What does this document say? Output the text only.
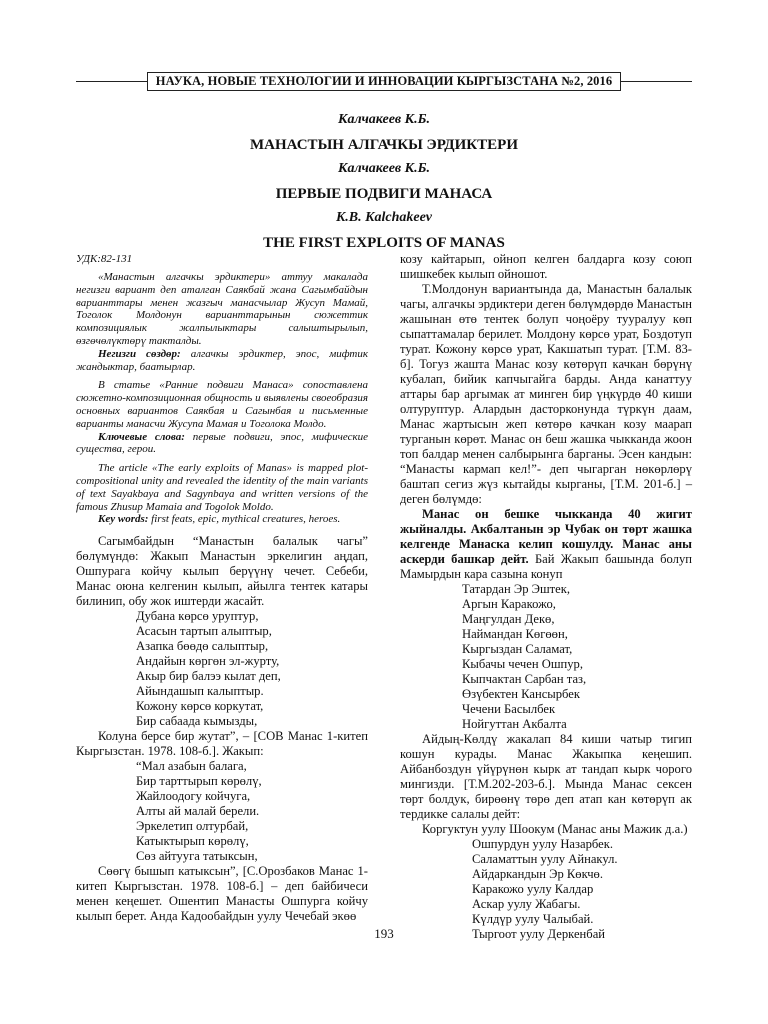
НАУКА, НОВЫЕ ТЕХНОЛОГИИ И ИННОВАЦИИ КЫРГЫЗСТАНА №2, 2016
Калчакеев К.Б.
МАНАСТЫН АЛГАЧКЫ ЭРДИКТЕРИ
Калчакеев К.Б.
ПЕРВЫЕ ПОДВИГИ МАНАСА
K.B. Kalchakeev
THE FIRST EXPLOITS OF MANAS

УДК:82-131

«Манастын алгачкы эрдиктери» аттуу макалада негизги вариант деп аталган Саякбай жана Сагымбайдын варианттары менен жазгыч манасчылар Жусуп Мамай, Тоголок Молдонун варианттарынын сюжеттик композициялык жалпылыктары салыштырылып, өзгөчөлүктөрү такталды.

Негизги сөздөр: алгачкы эрдиктер, эпос, мифтик жандыктар, баатырлар.

В статье «Ранние подвиги Манаса» сопоставлена сюжетно-композиционная общность и выявлены своеобразия основных вариантов Саякбая и Сагынбая и письменные варианты манасчи Жусупа Мамая и Тоголока Молдо.

Ключевые слова: первые подвиги, эпос, мифические существа, герои.

The article «The early exploits of Manas» is mapped plot-compositional unity and revealed the identity of the main variants of text Sayakbaya and Sagynbaya and written versions of the famous Zhusup Mamaia and Togolok Moldo.

Key words: first feats, epic, mythical creatures, heroes.

Сагымбайдын “Манастын балалык чагы” бөлүмүндө: Жакып Манастын эркелигин аңдап, Ошпурага койчу кылып берүүнү чечет. Себеби, Манас оюна келгенин кылып, айылга тентек катары билинип, обу жок иштерди жасайт.

Дубана көрсө уруптур,
Асасын тартып алыптыр,
Азапка бөөдө салыптыр,
Андайын көргөн эл-журту,
Акыр бир балээ кылат деп,
Айындашып калыптыр.
Кожону көрсө коркутат,
Бир сабаада кымызды,

Колуна берсе бир жутат”, – [СОВ Манас 1-китеп Кыргызстан. 1978. 108-б.]. Жакып:

“Мал азабын балага,
Бир тарттырып көрөлү,
Жайлоодогу койчуга,
Алты ай малай берели.
Эркелетип олтурбай,
Катыктырып көрөлү,
Сөз айтууга татыксын,

Сөөгү бышып катыксын”, [С.Орозбаков Манас 1-китеп Кыргызстан. 1978. 108-б.] – деп байбичеси менен кеңешет. Ошентип Манасты Ошпурга койчу кылып берет. Анда Кадообайдын уулу Чечебай экөө

козу кайтарып, ойноп келген балдарга козу союп шишкебек кылып ойношот.

Т.Молдонун вариантында да, Манастын балалык чагы, алгачкы эрдиктери деген бөлүмдөрдө Манастын жашынан өтө тентек болуп чоңоёру тууралуу көп сыпаттамалар берилет. Молдону көрсө урат, Боздотуп турат. Кожону көрсө урат, Какшатып турат. [Т.М. 83-б]. Тогуз жашта Манас козу көтөрүп качкан бөрүнү кубалап, бийик капчыгайга барды. Анда канаттуу аттары бар аргымак ат минген бир үңкүрдө 40 киши олтуруптур. Алардын дасторконунда түркүн даам, Манас жартысын жеп көтөрө качкан козу маарап турганын көрөт. Манас он беш жашка чыкканда жоон топ балдар менен салбырынга барганы. Эсен кандын: “Манасты кармап кел!”- деп чыгарган нөкөрлөрү баштап сегиз жүз кытайды кырганы, [Т.М. 201-б.] – деген бөлүмдө:

Манас он бешке чыкканда 40 жигит жыйналды. Акбалтанын эр Чубак он төрт жашка келгенде Манаска келип кошулду. Манас аны аскерди башкар дейт. Бай Жакып башында болуп Мамырдын кара сазына конуп

Татардан Эр Эштек,
Аргын Каракожо,
Маңгулдан Декө,
Наймандан Көгөөн,
Кыргыздан Саламат,
Кыбачы чечен Ошпур,
Кыпчактан Сарбан таз,
Өзүбектен Кансырбек
Чечени Басылбек
Нойгуттан Акбалта

Айдың-Көлдү жакалап 84 киши чатыр тигип кошун курады. Манас Жакыпка кеңешип. Айбанбоздун үйүрүнөн кырк ат тандап кырк чорого мингизди. [Т.М.202-203-б.]. Мында Манас сексен төрт болдук, бирөөнү төрө деп атап кан көтөрүп ак тердикке салалы дейт:

Коргуктун уулу Шоокум (Манас аны Мажик д.а.)

Ошпурдун уулу Назарбек.
Саламаттын уулу Айнакул.
Айдаркандын Эр Көкчө.
Каракожо уулу Калдар
Аскар уулу Жабагы.
Күлдүр уулу Чалыбай.
Тыргоот уулу Деркенбай
193
